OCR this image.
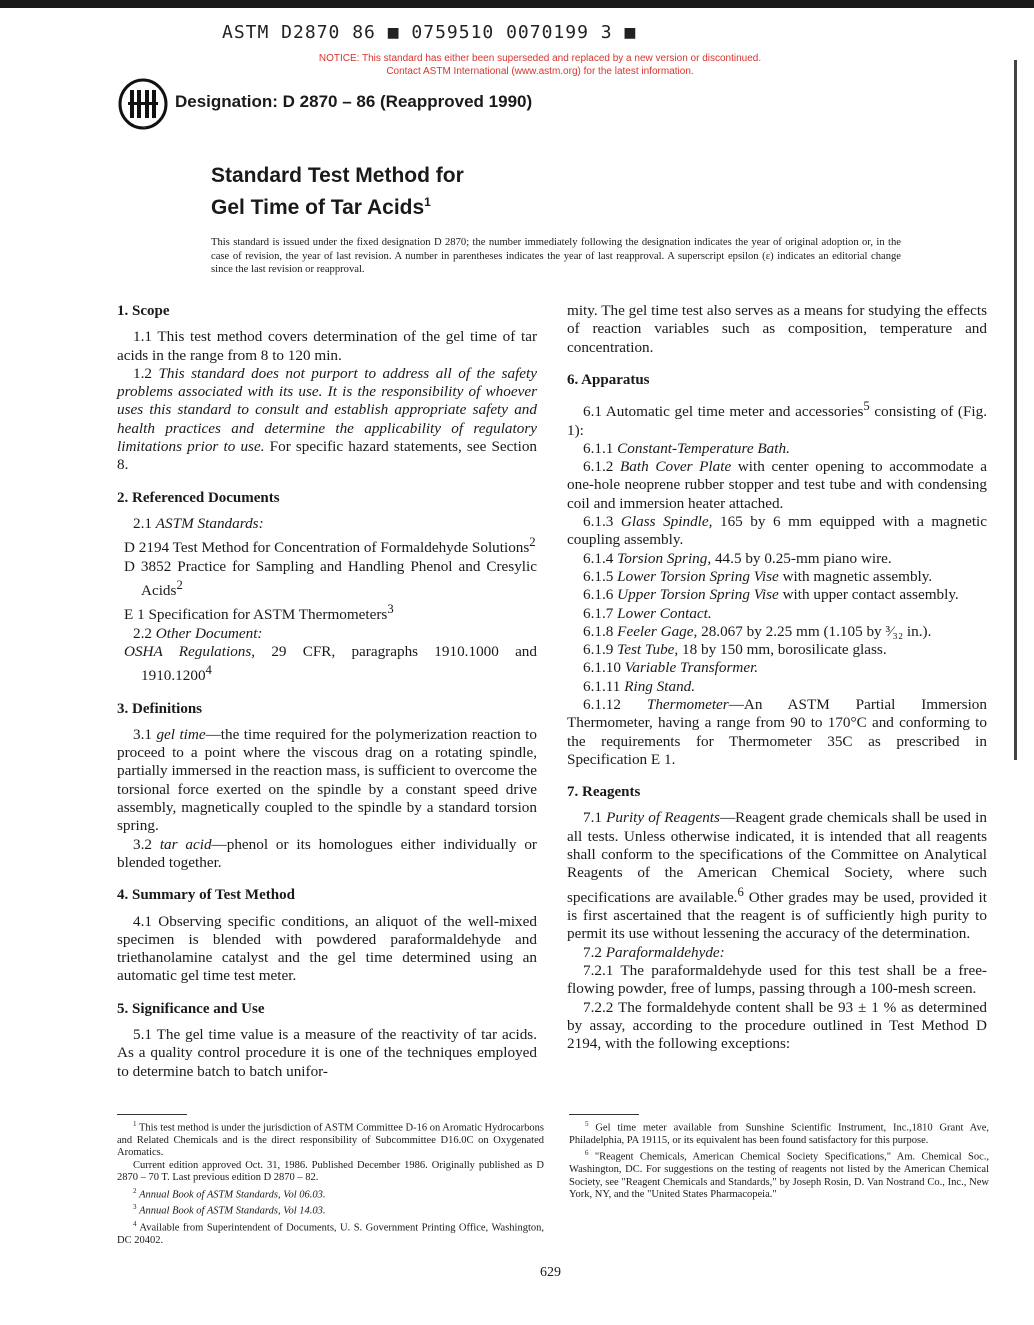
ASTM D2870 86 ■ 0759510 0070199 3 ■
NOTICE: This standard has either been superseded and replaced by a new version or discontinued.
Contact ASTM International (www.astm.org) for the latest information.
ASTM
Designation: D 2870 – 86 (Reapproved 1990)
Standard Test Method for
Gel Time of Tar Acids$^1$
This standard is issued under the fixed designation D 2870; the number immediately following the designation indicates the year of original adoption or, in the case of revision, the year of last revision. A number in parentheses indicates the year of last reapproval. A superscript epsilon (ε) indicates an editorial change since the last revision or reapproval.
1. Scope

1.1 This test method covers determination of the gel time of tar acids in the range from 8 to 120 min.

1.2 This standard does not purport to address all of the safety problems associated with its use. It is the responsibility of whoever uses this standard to consult and establish appropriate safety and health practices and determine the applicability of regulatory limitations prior to use. For specific hazard statements, see Section 8.

2. Referenced Documents

2.1 ASTM Standards:

D 2194 Test Method for Concentration of Formaldehyde Solutions$^2$

D 3852 Practice for Sampling and Handling Phenol and Cresylic Acids$^2$

E 1 Specification for ASTM Thermometers$^3$

2.2 Other Document:

OSHA Regulations, 29 CFR, paragraphs 1910.1000 and 1910.1200$^4$

3. Definitions

3.1 gel time—the time required for the polymerization reaction to proceed to a point where the viscous drag on a rotating spindle, partially immersed in the reaction mass, is sufficient to overcome the torsional force exerted on the spindle by a constant speed drive assembly, magnetically coupled to the spindle by a standard torsion spring.

3.2 tar acid—phenol or its homologues either individually or blended together.

4. Summary of Test Method

4.1 Observing specific conditions, an aliquot of the well-mixed specimen is blended with powdered paraformaldehyde and triethanolamine catalyst and the gel time determined using an automatic gel time test meter.

5. Significance and Use

5.1 The gel time value is a measure of the reactivity of tar acids. As a quality control procedure it is one of the techniques employed to determine batch to batch unifor-

mity. The gel time test also serves as a means for studying the effects of reaction variables such as composition, temperature and concentration.

6. Apparatus

6.1 Automatic gel time meter and accessories$^5$ consisting of (Fig. 1):

6.1.1 Constant-Temperature Bath.

6.1.2 Bath Cover Plate with center opening to accommodate a one-hole neoprene rubber stopper and test tube and with condensing coil and immersion heater attached.

6.1.3 Glass Spindle, 165 by 6 mm equipped with a magnetic coupling assembly.

6.1.4 Torsion Spring, 44.5 by 0.25-mm piano wire.

6.1.5 Lower Torsion Spring Vise with magnetic assembly.

6.1.6 Upper Torsion Spring Vise with upper contact assembly.

6.1.7 Lower Contact.

6.1.8 Feeler Gage, 28.067 by 2.25 mm (1.105 by ³⁄₃₂ in.).

6.1.9 Test Tube, 18 by 150 mm, borosilicate glass.

6.1.10 Variable Transformer.

6.1.11 Ring Stand.

6.1.12 Thermometer—An ASTM Partial Immersion Thermometer, having a range from 90 to 170°C and conforming to the requirements for Thermometer 35C as prescribed in Specification E 1.

7. Reagents

7.1 Purity of Reagents—Reagent grade chemicals shall be used in all tests. Unless otherwise indicated, it is intended that all reagents shall conform to the specifications of the Committee on Analytical Reagents of the American Chemical Society, where such specifications are available.$^6$ Other grades may be used, provided it is first ascertained that the reagent is of sufficiently high purity to permit its use without lessening the accuracy of the determination.

7.2 Paraformaldehyde:

7.2.1 The paraformaldehyde used for this test shall be a free-flowing powder, free of lumps, passing through a 100-mesh screen.

7.2.2 The formaldehyde content shall be 93 ± 1 % as determined by assay, according to the procedure outlined in Test Method D 2194, with the following exceptions:

$^1$ This test method is under the jurisdiction of ASTM Committee D-16 on Aromatic Hydrocarbons and Related Chemicals and is the direct responsibility of Subcommittee D16.0C on Oxygenated Aromatics.

Current edition approved Oct. 31, 1986. Published December 1986. Originally published as D 2870 – 70 T. Last previous edition D 2870 – 82.

$^2$ Annual Book of ASTM Standards, Vol 06.03.

$^3$ Annual Book of ASTM Standards, Vol 14.03.

$^4$ Available from Superintendent of Documents, U. S. Government Printing Office, Washington, DC 20402.

$^5$ Gel time meter available from Sunshine Scientific Instrument, Inc.,1810 Grant Ave, Philadelphia, PA 19115, or its equivalent has been found satisfactory for this purpose.

$^6$ "Reagent Chemicals, American Chemical Society Specifications," Am. Chemical Soc., Washington, DC. For suggestions on the testing of reagents not listed by the American Chemical Society, see "Reagent Chemicals and Standards," by Joseph Rosin, D. Van Nostrand Co., Inc., New York, NY, and the "United States Pharmacopeia."

629
